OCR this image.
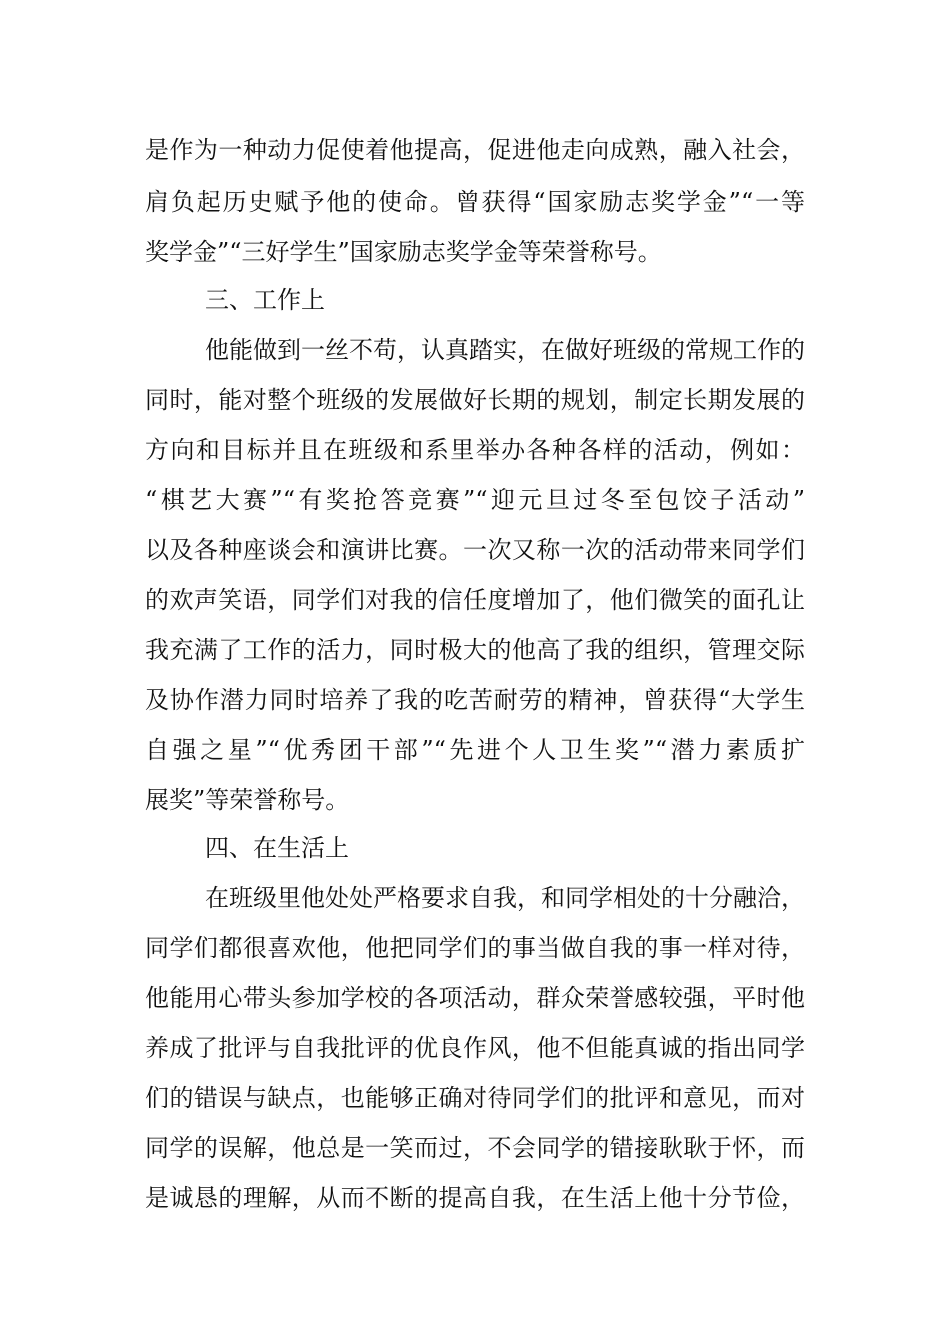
是作为一种动力促使着他提高，促进他走向成熟，融入社会，
肩负起历史赋予他的使命。曾获得“国家励志奖学金”“一等
奖学金”“三好学生”国家励志奖学金等荣誉称号。
三、工作上
他能做到一丝不苟，认真踏实，在做好班级的常规工作的
同时，能对整个班级的发展做好长期的规划，制定长期发展的
方向和目标并且在班级和系里举办各种各样的活动，例如：
“棋艺大赛”“有奖抢答竞赛”“迎元旦过冬至包饺子活动”
以及各种座谈会和演讲比赛。一次又称一次的活动带来同学们
的欢声笑语，同学们对我的信任度增加了，他们微笑的面孔让
我充满了工作的活力，同时极大的他高了我的组织，管理交际
及协作潜力同时培养了我的吃苦耐劳的精神，曾获得“大学生
自强之星”“优秀团干部”“先进个人卫生奖”“潜力素质扩
展奖”等荣誉称号。
四、在生活上
在班级里他处处严格要求自我，和同学相处的十分融洽，
同学们都很喜欢他，他把同学们的事当做自我的事一样对待，
他能用心带头参加学校的各项活动，群众荣誉感较强，平时他
养成了批评与自我批评的优良作风，他不但能真诚的指出同学
们的错误与缺点，也能够正确对待同学们的批评和意见，而对
同学的误解，他总是一笑而过，不会同学的错接耿耿于怀，而
是诚恳的理解，从而不断的提高自我，在生活上他十分节俭，
